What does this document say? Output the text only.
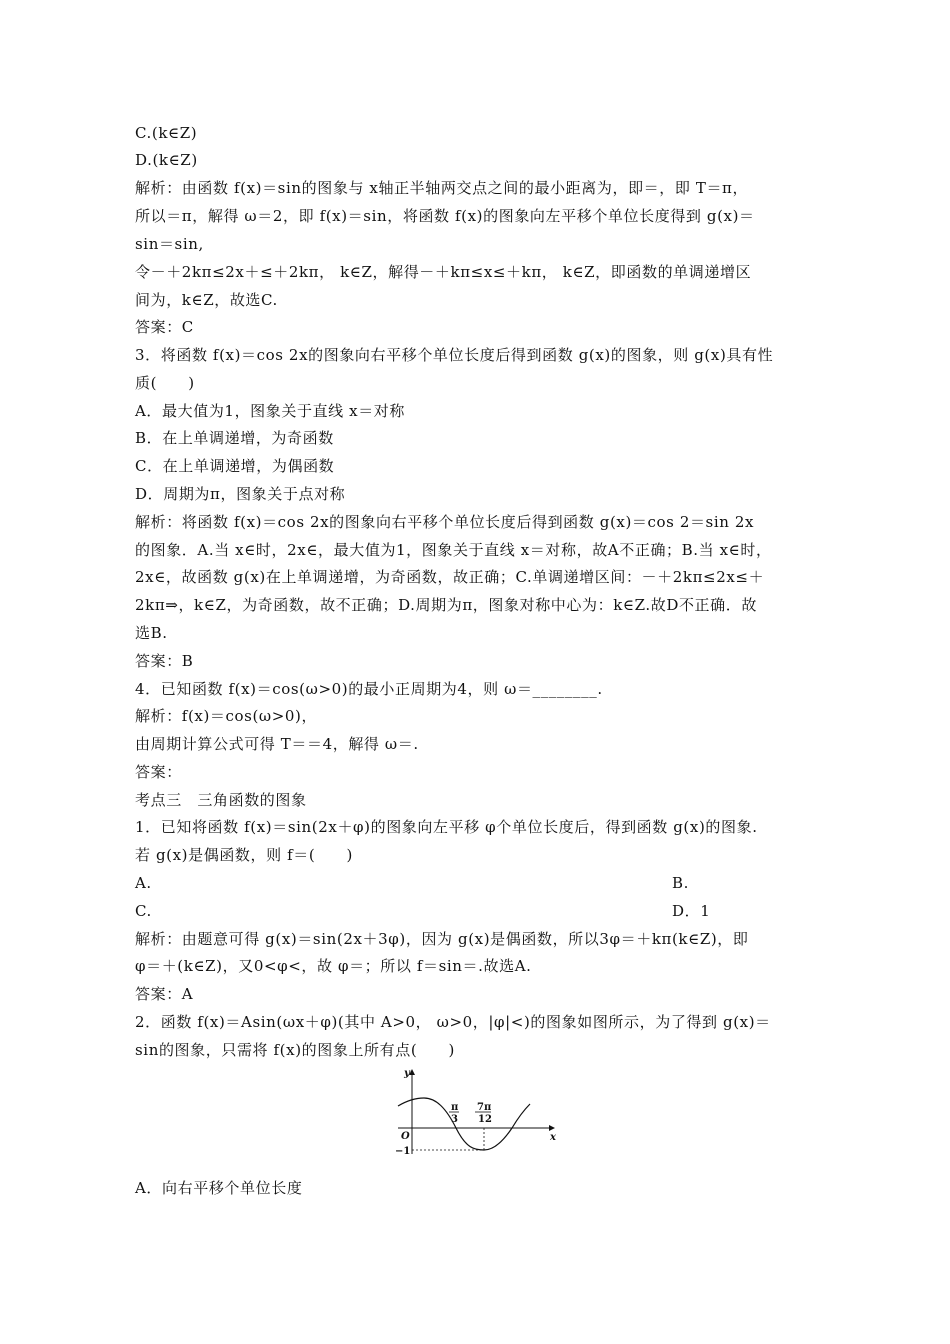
C.(k∈Z)
D.(k∈Z)
解析：由函数 f(x)＝sin的图象与 x轴正半轴两交点之间的最小距离为，即＝，即 T＝π，
所以＝π，解得 ω＝2，即 f(x)＝sin，将函数 f(x)的图象向左平移个单位长度得到 g(x)＝
sin＝sin,
令－＋2kπ≤2x＋≤＋2kπ， k∈Z，解得－＋kπ≤x≤＋kπ， k∈Z，即函数的单调递增区
间为，k∈Z，故选C.
答案：C
3．将函数 f(x)＝cos 2x的图象向右平移个单位长度后得到函数 g(x)的图象，则 g(x)具有性
质(　　)
A．最大值为1，图象关于直线 x＝对称
B．在上单调递增，为奇函数
C．在上单调递增，为偶函数
D．周期为π，图象关于点对称
解析：将函数 f(x)＝cos 2x的图象向右平移个单位长度后得到函数 g(x)＝cos 2＝sin 2x
的图象．A.当 x∈时，2x∈，最大值为1，图象关于直线 x＝对称，故A不正确；B.当 x∈时，
2x∈，故函数 g(x)在上单调递增，为奇函数，故正确；C.单调递增区间：－＋2kπ≤2x≤＋
2kπ⇒，k∈Z，为奇函数，故不正确；D.周期为π，图象对称中心为：k∈Z.故D不正确．故
选B.
答案：B
4．已知函数 f(x)＝cos(ω>0)的最小正周期为4，则 ω＝________.
解析：f(x)＝cos(ω>0)，
由周期计算公式可得 T＝＝4，解得 ω＝.
答案：
考点三　三角函数的图象
1．已知将函数 f(x)＝sin(2x＋φ)的图象向左平移 φ个单位长度后，得到函数 g(x)的图象.
若 g(x)是偶函数，则 f＝(　　)
A.	B.
C.	D．1
解析：由题意可得 g(x)＝sin(2x＋3φ)，因为 g(x)是偶函数，所以3φ＝＋kπ(k∈Z)，即
φ＝＋(k∈Z)，又0<φ<，故 φ＝；所以 f＝sin＝.故选A.
答案：A
2．函数 f(x)＝Asin(ωx＋φ)(其中 A>0， ω>0，|φ|<)的图象如图所示，为了得到 g(x)＝
sin的图象，只需将 f(x)的图象上所有点(　　)
y
x
O
π
3
7π
12
−1
A．向右平移个单位长度
